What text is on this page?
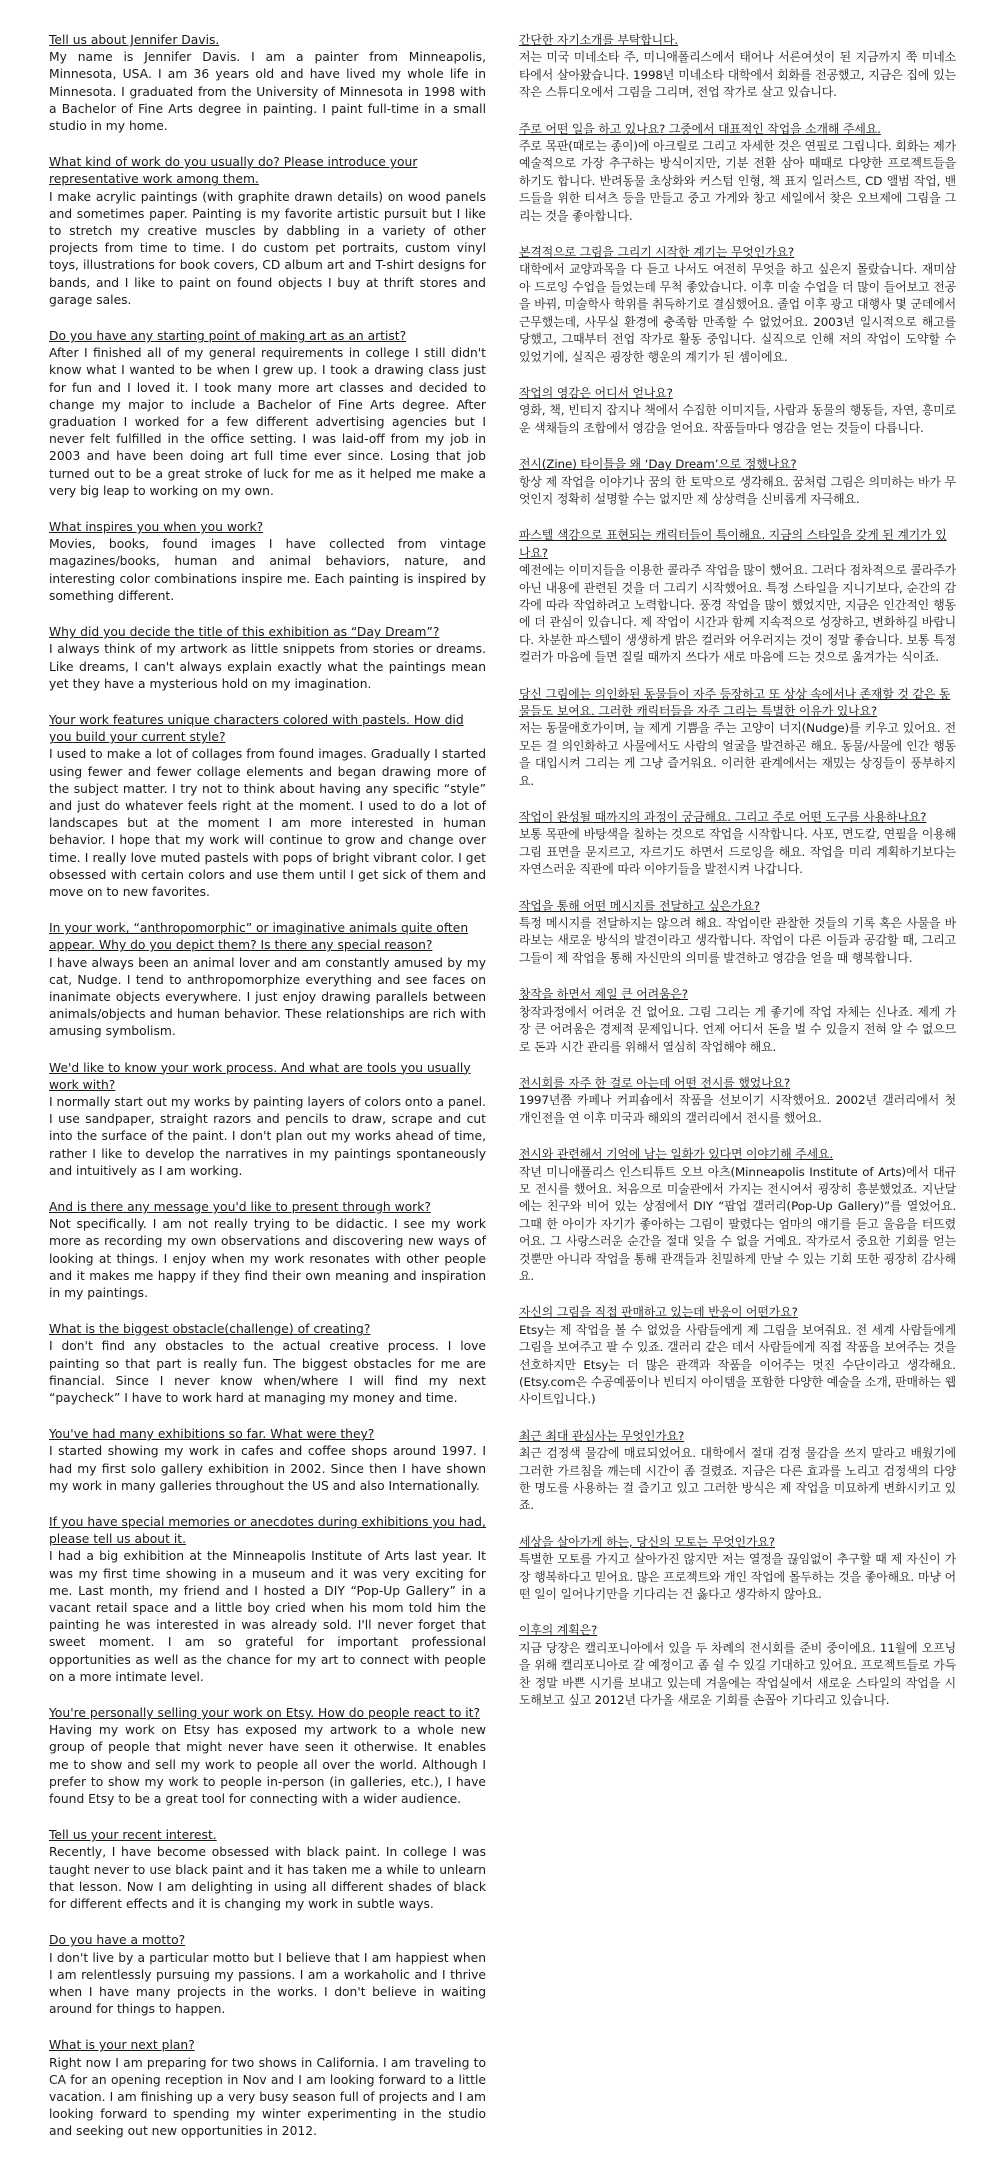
Tell us about Jennifer Davis.

My name is Jennifer Davis. I am a painter from Minneapolis, Minnesota, USA. I am 36 years old and have lived my whole life in Minnesota. I graduated from the University of Minnesota in 1998 with a Bachelor of Fine Arts degree in painting. I paint full-time in a small studio in my home.

What kind of work do you usually do? Please introduce your representative work among them.

I make acrylic paintings (with graphite drawn details) on wood panels and sometimes paper. Painting is my favorite artistic pursuit but I like to stretch my creative muscles by dabbling in a variety of other projects from time to time. I do custom pet portraits, custom vinyl toys, illustrations for book covers, CD album art and T-shirt designs for bands, and I like to paint on found objects I buy at thrift stores and garage sales.

Do you have any starting point of making art as an artist?

After I finished all of my general requirements in college I still didn't know what I wanted to be when I grew up. I took a drawing class just for fun and I loved it. I took many more art classes and decided to change my major to include a Bachelor of Fine Arts degree. After graduation I worked for a few different advertising agencies but I never felt fulfilled in the office setting. I was laid-off from my job in 2003 and have been doing art full time ever since. Losing that job turned out to be a great stroke of luck for me as it helped me make a very big leap to working on my own.

What inspires you when you work?

Movies, books, found images I have collected from vintage magazines/books, human and animal behaviors, nature, and interesting color combinations inspire me. Each painting is inspired by something different.

Why did you decide the title of this exhibition as “Day Dream”?

I always think of my artwork as little snippets from stories or dreams. Like dreams, I can't always explain exactly what the paintings mean yet they have a mysterious hold on my imagination.

Your work features unique characters colored with pastels. How did you build your current style?

I used to make a lot of collages from found images. Gradually I started using fewer and fewer collage elements and began drawing more of the subject matter. I try not to think about having any specific “style” and just do whatever feels right at the moment. I used to do a lot of landscapes but at the moment I am more interested in human behavior. I hope that my work will continue to grow and change over time. I really love muted pastels with pops of bright vibrant color. I get obsessed with certain colors and use them until I get sick of them and move on to new favorites.

In your work, “anthropomorphic” or imaginative animals quite often appear. Why do you depict them? Is there any special reason?

I have always been an animal lover and am constantly amused by my cat, Nudge. I tend to anthropomorphize everything and see faces on inanimate objects everywhere. I just enjoy drawing parallels between animals/objects and human behavior. These relationships are rich with amusing symbolism.

We'd like to know your work process. And what are tools you usually work with?

I normally start out my works by painting layers of colors onto a panel. I use sandpaper, straight razors and pencils to draw, scrape and cut into the surface of the paint. I don't plan out my works ahead of time, rather I like to develop the narratives in my paintings spontaneously and intuitively as I am working.

And is there any message you'd like to present through work?

Not specifically. I am not really trying to be didactic. I see my work more as recording my own observations and discovering new ways of looking at things. I enjoy when my work resonates with other people and it makes me happy if they find their own meaning and inspiration in my paintings.

What is the biggest obstacle(challenge) of creating?

I don't find any obstacles to the actual creative process. I love painting so that part is really fun. The biggest obstacles for me are financial. Since I never know when/where I will find my next “paycheck” I have to work hard at managing my money and time.

You've had many exhibitions so far. What were they?

I started showing my work in cafes and coffee shops around 1997. I had my first solo gallery exhibition in 2002. Since then I have shown my work in many galleries throughout the US and also Internationally.

If you have special memories or anecdotes during exhibitions you had, please tell us about it.

I had a big exhibition at the Minneapolis Institute of Arts last year. It was my first time showing in a museum and it was very exciting for me. Last month, my friend and I hosted a DIY “Pop-Up Gallery” in a vacant retail space and a little boy cried when his mom told him the painting he was interested in was already sold. I'll never forget that sweet moment. I am so grateful for important professional opportunities as well as the chance for my art to connect with people on a more intimate level.

You're personally selling your work on Etsy. How do people react to it?

Having my work on Etsy has exposed my artwork to a whole new group of people that might never have seen it otherwise. It enables me to show and sell my work to people all over the world. Although I prefer to show my work to people in-person (in galleries, etc.), I have found Etsy to be a great tool for connecting with a wider audience.

Tell us your recent interest.

Recently, I have become obsessed with black paint. In college I was taught never to use black paint and it has taken me a while to unlearn that lesson. Now I am delighting in using all different shades of black for different effects and it is changing my work in subtle ways.

Do you have a motto?

I don't live by a particular motto but I believe that I am happiest when I am relentlessly pursuing my passions. I am a workaholic and I thrive when I have many projects in the works. I don't believe in waiting around for things to happen.

What is your next plan?

Right now I am preparing for two shows in California. I am traveling to CA for an opening reception in Nov and I am looking forward to a little vacation. I am finishing up a very busy season full of projects and I am looking forward to spending my winter experimenting in the studio and seeking out new opportunities in 2012.

간단한 자기소개를 부탁합니다.

저는 미국 미네소타 주, 미니애폴리스에서 태어나 서른여섯이 된 지금까지 쭉 미네소타에서 살아왔습니다. 1998년 미네소타 대학에서 회화를 전공했고, 지금은 집에 있는 작은 스튜디오에서 그림을 그리며, 전업 작가로 살고 있습니다.

주로 어떤 일을 하고 있나요? 그중에서 대표적인 작업을 소개해 주세요.

주로 목판(때로는 종이)에 아크릴로 그리고 자세한 것은 연필로 그립니다. 회화는 제가 예술적으로 가장 추구하는 방식이지만, 기분 전환 삼아 때때로 다양한 프로젝트들을 하기도 합니다. 반려동물 초상화와 커스텀 인형, 책 표지 일러스트, CD 앨범 작업, 밴드들을 위한 티셔츠 등을 만들고 중고 가게와 창고 세일에서 찾은 오브제에 그림을 그리는 것을 좋아합니다.

본격적으로 그림을 그리기 시작한 계기는 무엇인가요?

대학에서 교양과목을 다 듣고 나서도 여전히 무엇을 하고 싶은지 몰랐습니다. 재미삼아 드로잉 수업을 들었는데 무척 좋았습니다. 이후 미술 수업을 더 많이 들어보고 전공을 바꿔, 미술학사 학위를 취득하기로 결심했어요. 졸업 이후 광고 대행사 몇 군데에서 근무했는데, 사무실 환경에 충족함 만족할 수 없었어요. 2003년 일시적으로 해고를 당했고, 그때부터 전업 작가로 활동 중입니다. 실직으로 인해 저의 작업이 도약할 수 있었기에, 실직은 굉장한 행운의 계기가 된 셈이에요.

작업의 영감은 어디서 얻나요?

영화, 책, 빈티지 잡지나 책에서 수집한 이미지들, 사람과 동물의 행동들, 자연, 흥미로운 색채들의 조합에서 영감을 얻어요. 작품들마다 영감을 얻는 것들이 다릅니다.

전시(Zine) 타이틀을 왜 ‘Day Dream’으로 정했나요?

항상 제 작업을 이야기나 꿈의 한 토막으로 생각해요. 꿈처럼 그림은 의미하는 바가 무엇인지 정확히 설명할 수는 없지만 제 상상력을 신비롭게 자극해요.

파스텔 색감으로 표현되는 캐릭터들이 특이해요. 지금의 스타일을 갖게 된 계기가 있나요?

예전에는 이미지들을 이용한 콜라주 작업을 많이 했어요. 그러다 점차적으로 콜라주가 아닌 내용에 관련된 것을 더 그리기 시작했어요. 특정 스타일을 지니기보다, 순간의 감각에 따라 작업하려고 노력합니다. 풍경 작업을 많이 했었지만, 지금은 인간적인 행동에 더 관심이 있습니다. 제 작업이 시간과 함께 지속적으로 성장하고, 변화하길 바랍니다. 차분한 파스텔이 생생하게 밝은 컬러와 어우러지는 것이 정말 좋습니다. 보통 특정 컬러가 마음에 들면 질릴 때까지 쓰다가 새로 마음에 드는 것으로 옮겨가는 식이죠.

당신 그림에는 의인화된 동물들이 자주 등장하고 또 상상 속에서나 존재할 것 같은 동물들도 보여요. 그러한 캐릭터들을 자주 그리는 특별한 이유가 있나요?

저는 동물애호가이며, 늘 제게 기쁨을 주는 고양이 너지(Nudge)를 키우고 있어요. 전 모든 걸 의인화하고 사물에서도 사람의 얼굴을 발견하곤 해요. 동물/사물에 인간 행동을 대입시켜 그리는 게 그냥 즐거워요. 이러한 관계에서는 재밌는 상징들이 풍부하지요.

작업이 완성될 때까지의 과정이 궁금해요. 그리고 주로 어떤 도구를 사용하나요?

보통 목판에 바탕색을 칠하는 것으로 작업을 시작합니다. 사포, 면도칼, 연필을 이용해 그림 표면을 문지르고, 자르기도 하면서 드로잉을 해요. 작업을 미리 계획하기보다는 자연스러운 직관에 따라 이야기들을 발전시켜 나갑니다.

작업을 통해 어떤 메시지를 전달하고 싶은가요?

특정 메시지를 전달하지는 않으려 해요. 작업이란 관찰한 것들의 기록 혹은 사물을 바라보는 새로운 방식의 발견이라고 생각합니다. 작업이 다른 이들과 공감할 때, 그리고 그들이 제 작업을 통해 자신만의 의미를 발견하고 영감을 얻을 때 행복합니다.

창작을 하면서 제일 큰 어려움은?

창작과정에서 어려운 건 없어요. 그림 그리는 게 좋기에 작업 자체는 신나죠. 제게 가장 큰 어려움은 경제적 문제입니다. 언제 어디서 돈을 벌 수 있을지 전혀 알 수 없으므로 돈과 시간 관리를 위해서 열심히 작업해야 해요.

전시회를 자주 한 걸로 아는데 어떤 전시를 했었나요?

1997년쯤 카페나 커피숍에서 작품을 선보이기 시작했어요. 2002년 갤러리에서 첫 개인전을 연 이후 미국과 해외의 갤러리에서 전시를 했어요.

전시와 관련해서 기억에 남는 일화가 있다면 이야기해 주세요.

작년 미니애폴리스 인스티튜트 오브 아츠(Minneapolis Institute of Arts)에서 대규모 전시를 했어요. 처음으로 미술관에서 가지는 전시여서 굉장히 흥분했었죠. 지난달에는 친구와 비어 있는 상점에서 DIY “팝업 갤러리(Pop-Up Gallery)”를 열었어요. 그때 한 아이가 자기가 좋아하는 그림이 팔렸다는 엄마의 얘기를 듣고 울음을 터뜨렸어요. 그 사랑스러운 순간을 절대 잊을 수 없을 거예요. 작가로서 중요한 기회를 얻는 것뿐만 아니라 작업을 통해 관객들과 친밀하게 만날 수 있는 기회 또한 굉장히 감사해요.

자신의 그림을 직접 판매하고 있는데 반응이 어떤가요?

Etsy는 제 작업을 볼 수 없었을 사람들에게 제 그림을 보여줘요. 전 세계 사람들에게 그림을 보여주고 팔 수 있죠. 갤러리 같은 데서 사람들에게 직접 작품을 보여주는 것을 선호하지만 Etsy는 더 많은 관객과 작품을 이어주는 멋진 수단이라고 생각해요. (Etsy.com은 수공예품이나 빈티지 아이템을 포함한 다양한 예술을 소개, 판매하는 웹사이트입니다.)

최근 최대 관심사는 무엇인가요?

최근 검정색 물감에 매료되었어요. 대학에서 절대 검정 물감을 쓰지 말라고 배웠기에 그러한 가르침을 깨는데 시간이 좀 걸렸죠. 지금은 다른 효과를 노리고 검정색의 다양한 명도를 사용하는 걸 즐기고 있고 그러한 방식은 제 작업을 미묘하게 변화시키고 있죠.

세상을 살아가게 하는, 당신의 모토는 무엇인가요?

특별한 모토를 가지고 살아가진 않지만 저는 열정을 끊임없이 추구할 때 제 자신이 가장 행복하다고 믿어요. 많은 프로젝트와 개인 작업에 몰두하는 것을 좋아해요. 마냥 어떤 일이 일어나기만을 기다리는 건 옳다고 생각하지 않아요.

이후의 계획은?

지금 당장은 캘리포니아에서 있을 두 차례의 전시회를 준비 중이에요. 11월에 오프닝을 위해 캘리포니아로 갈 예정이고 좀 쉴 수 있길 기대하고 있어요. 프로젝트들로 가득 찬 정말 바쁜 시기를 보내고 있는데 겨울에는 작업실에서 새로운 스타일의 작업을 시도해보고 싶고 2012년 다가올 새로운 기회를 손꼽아 기다리고 있습니다.
